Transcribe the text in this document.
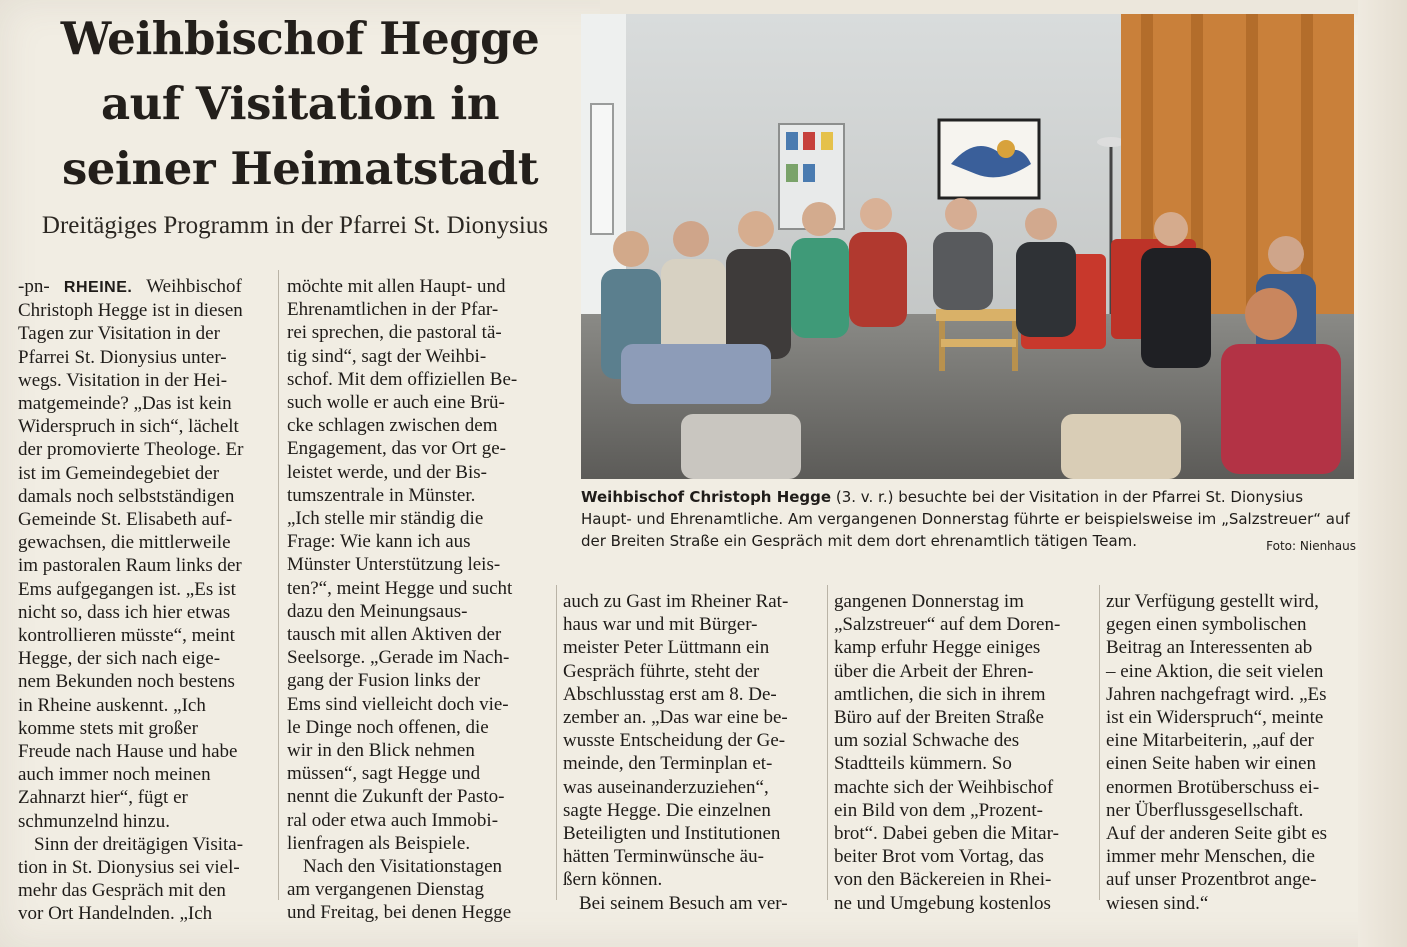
Weihbischof Hegge
auf Visitation in
seiner Heimatstadt
Dreitägiges Programm in der Pfarrei St. Dionysius
-pn- RHEINE. Weihbischof
Christoph Hegge ist in diesen
Tagen zur Visitation in der
Pfarrei St. Dionysius unter-
wegs. Visitation in der Hei-
matgemeinde? „Das ist kein
Widerspruch in sich“, lächelt
der promovierte Theologe. Er
ist im Gemeindegebiet der
damals noch selbstständigen
Gemeinde St. Elisabeth auf-
gewachsen, die mittlerweile
im pastoralen Raum links der
Ems aufgegangen ist. „Es ist
nicht so, dass ich hier etwas
kontrollieren müsste“, meint
Hegge, der sich nach eige-
nem Bekunden noch bestens
in Rheine auskennt. „Ich
komme stets mit großer
Freude nach Hause und habe
auch immer noch meinen
Zahnarzt hier“, fügt er
schmunzelnd hinzu.
Sinn der dreitägigen Visita-
tion in St. Dionysius sei viel-
mehr das Gespräch mit den
vor Ort Handelnden. „Ich
möchte mit allen Haupt- und
Ehrenamtlichen in der Pfar-
rei sprechen, die pastoral tä-
tig sind“, sagt der Weihbi-
schof. Mit dem offiziellen Be-
such wolle er auch eine Brü-
cke schlagen zwischen dem
Engagement, das vor Ort ge-
leistet werde, und der Bis-
tumszentrale in Münster.
„Ich stelle mir ständig die
Frage: Wie kann ich aus
Münster Unterstützung leis-
ten?“, meint Hegge und sucht
dazu den Meinungsaus-
tausch mit allen Aktiven der
Seelsorge. „Gerade im Nach-
gang der Fusion links der
Ems sind vielleicht doch vie-
le Dinge noch offenen, die
wir in den Blick nehmen
müssen“, sagt Hegge und
nennt die Zukunft der Pasto-
ral oder etwa auch Immobi-
lienfragen als Beispiele.
Nach den Visitationstagen
am vergangenen Dienstag
und Freitag, bei denen Hegge
Weihbischof Christoph Hegge (3. v. r.) besuchte bei der Visitation in der Pfarrei St. Dionysius Haupt- und Ehrenamtliche. Am vergangenen Donnerstag führte er beispielsweise im „Salzstreuer“ auf der Breiten Straße ein Gespräch mit dem dort ehrenamtlich tätigen Team.	Foto: Nienhaus
auch zu Gast im Rheiner Rat-
haus war und mit Bürger-
meister Peter Lüttmann ein
Gespräch führte, steht der
Abschlusstag erst am 8. De-
zember an. „Das war eine be-
wusste Entscheidung der Ge-
meinde, den Terminplan et-
was auseinanderzuziehen“,
sagte Hegge. Die einzelnen
Beteiligten und Institutionen
hätten Terminwünsche äu-
ßern können.
Bei seinem Besuch am ver-
gangenen Donnerstag im
„Salzstreuer“ auf dem Doren-
kamp erfuhr Hegge einiges
über die Arbeit der Ehren-
amtlichen, die sich in ihrem
Büro auf der Breiten Straße
um sozial Schwache des
Stadtteils kümmern. So
machte sich der Weihbischof
ein Bild von dem „Prozent-
brot“. Dabei geben die Mitar-
beiter Brot vom Vortag, das
von den Bäckereien in Rhei-
ne und Umgebung kostenlos
zur Verfügung gestellt wird,
gegen einen symbolischen
Beitrag an Interessenten ab
– eine Aktion, die seit vielen
Jahren nachgefragt wird. „Es
ist ein Widerspruch“, meinte
eine Mitarbeiterin, „auf der
einen Seite haben wir einen
enormen Brotüberschuss ei-
ner Überflussgesellschaft.
Auf der anderen Seite gibt es
immer mehr Menschen, die
auf unser Prozentbrot ange-
wiesen sind.“
